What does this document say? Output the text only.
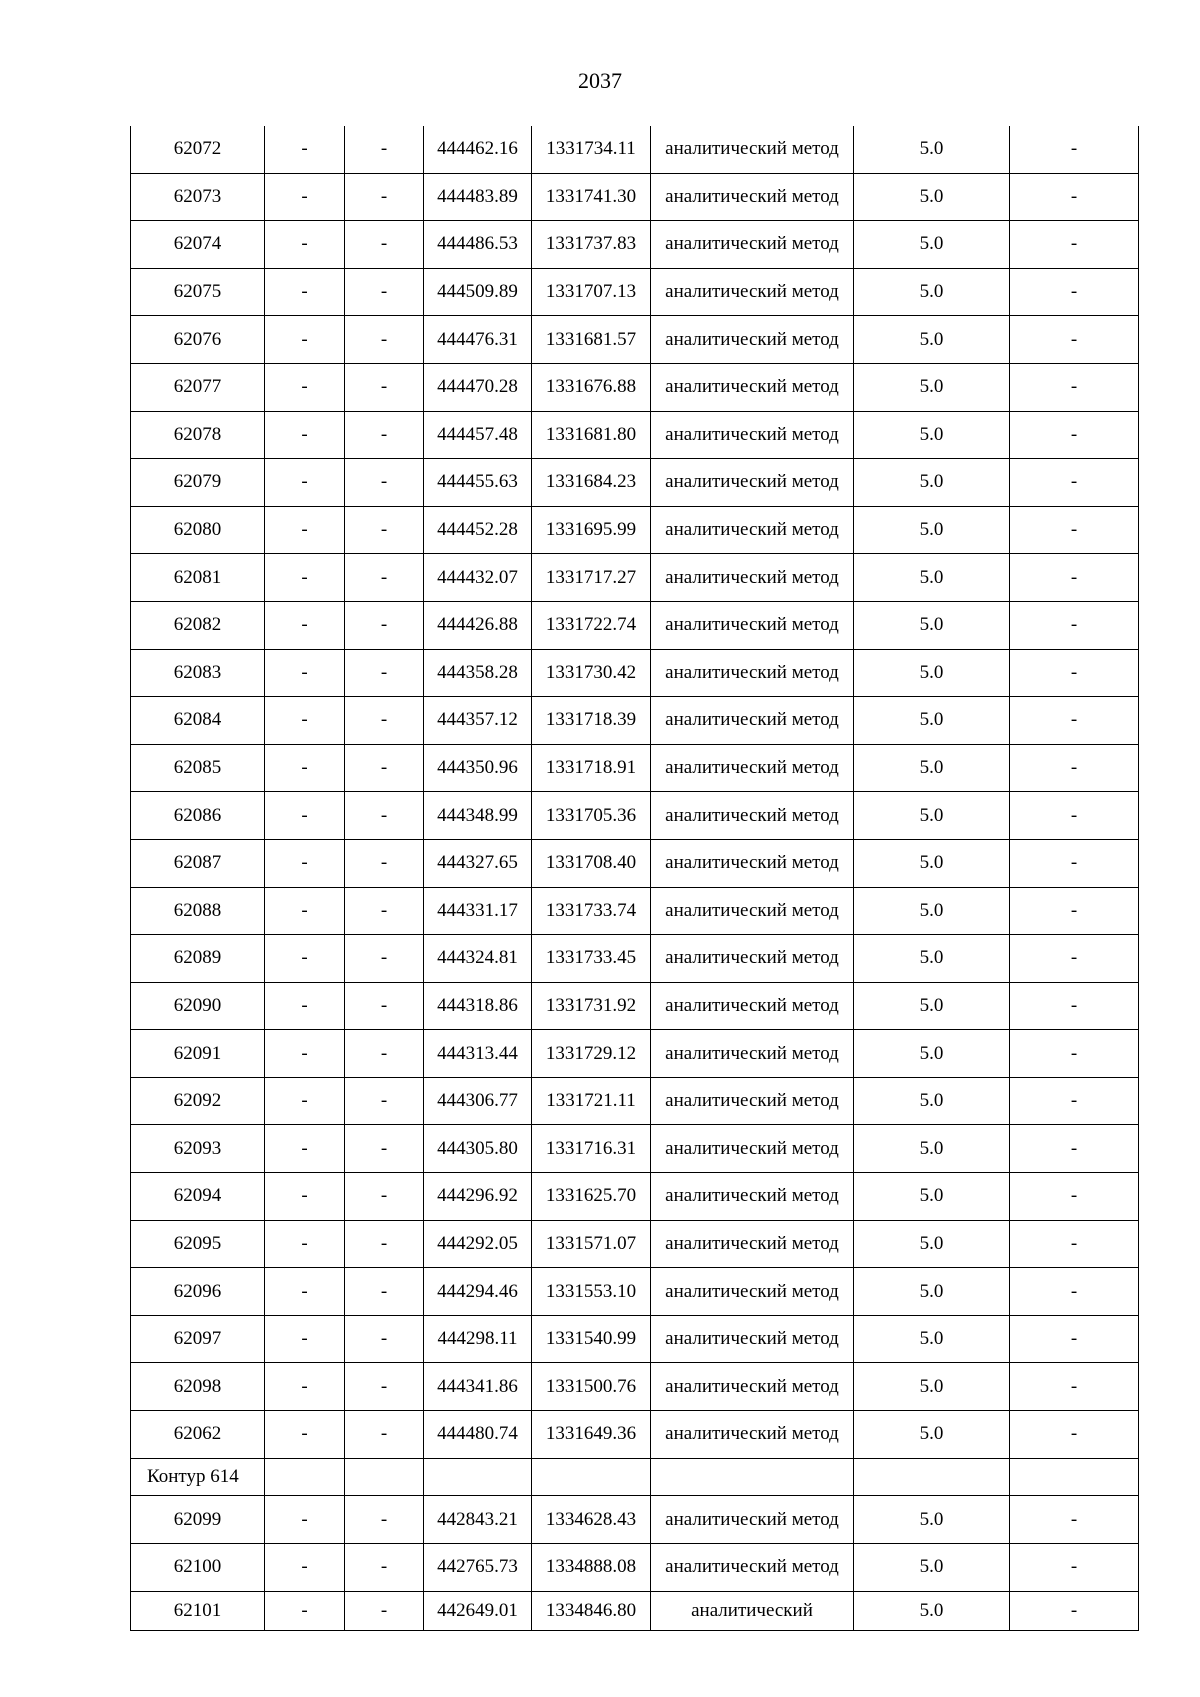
2037
62072	-	-	444462.16	1331734.11	аналитический метод	5.0	-
62073	-	-	444483.89	1331741.30	аналитический метод	5.0	-
62074	-	-	444486.53	1331737.83	аналитический метод	5.0	-
62075	-	-	444509.89	1331707.13	аналитический метод	5.0	-
62076	-	-	444476.31	1331681.57	аналитический метод	5.0	-
62077	-	-	444470.28	1331676.88	аналитический метод	5.0	-
62078	-	-	444457.48	1331681.80	аналитический метод	5.0	-
62079	-	-	444455.63	1331684.23	аналитический метод	5.0	-
62080	-	-	444452.28	1331695.99	аналитический метод	5.0	-
62081	-	-	444432.07	1331717.27	аналитический метод	5.0	-
62082	-	-	444426.88	1331722.74	аналитический метод	5.0	-
62083	-	-	444358.28	1331730.42	аналитический метод	5.0	-
62084	-	-	444357.12	1331718.39	аналитический метод	5.0	-
62085	-	-	444350.96	1331718.91	аналитический метод	5.0	-
62086	-	-	444348.99	1331705.36	аналитический метод	5.0	-
62087	-	-	444327.65	1331708.40	аналитический метод	5.0	-
62088	-	-	444331.17	1331733.74	аналитический метод	5.0	-
62089	-	-	444324.81	1331733.45	аналитический метод	5.0	-
62090	-	-	444318.86	1331731.92	аналитический метод	5.0	-
62091	-	-	444313.44	1331729.12	аналитический метод	5.0	-
62092	-	-	444306.77	1331721.11	аналитический метод	5.0	-
62093	-	-	444305.80	1331716.31	аналитический метод	5.0	-
62094	-	-	444296.92	1331625.70	аналитический метод	5.0	-
62095	-	-	444292.05	1331571.07	аналитический метод	5.0	-
62096	-	-	444294.46	1331553.10	аналитический метод	5.0	-
62097	-	-	444298.11	1331540.99	аналитический метод	5.0	-
62098	-	-	444341.86	1331500.76	аналитический метод	5.0	-
62062	-	-	444480.74	1331649.36	аналитический метод	5.0	-
Контур 614							
62099	-	-	442843.21	1334628.43	аналитический метод	5.0	-
62100	-	-	442765.73	1334888.08	аналитический метод	5.0	-
62101	-	-	442649.01	1334846.80	аналитический	5.0	-
